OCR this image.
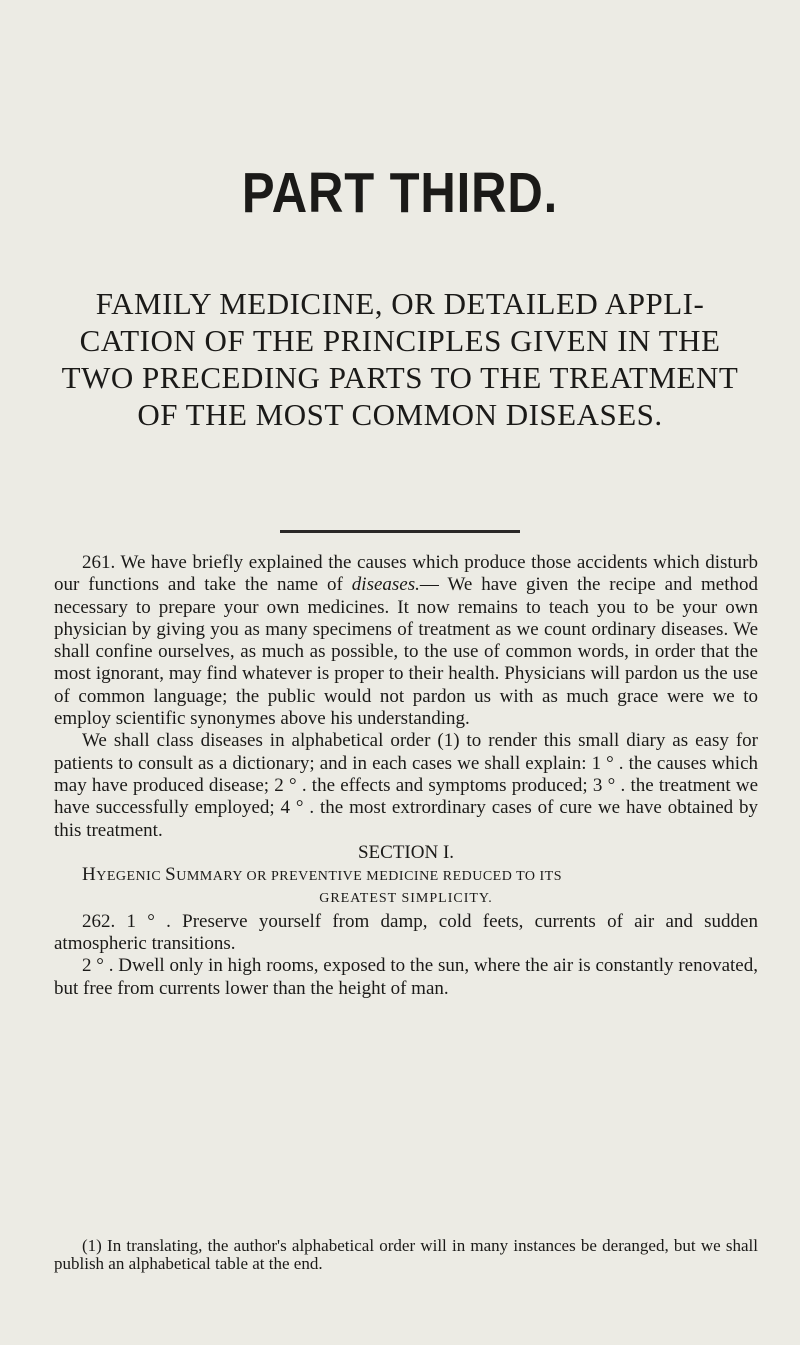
PART THIRD.

FAMILY MEDICINE, OR DETAILED APPLI-CATION OF THE PRINCIPLES GIVEN IN THE TWO PRECEDING PARTS TO THE TREATMENT OF THE MOST COMMON DISEASES.

261. We have briefly explained the causes which produce those accidents which disturb our functions and take the name of diseases.— We have given the recipe and method necessary to prepare your own medicines. It now remains to teach you to be your own physician by giving you as many specimens of treatment as we count ordinary diseases. We shall confine ourselves, as much as possible, to the use of common words, in order that the most ignorant, may find whatever is proper to their health. Physicians will pardon us the use of common language; the public would not pardon us with as much grace were we to employ scientific synonymes above his understanding.

We shall class diseases in alphabetical order (1) to render this small diary as easy for patients to consult as a dictionary; and in each cases we shall explain: 1 ° . the causes which may have produced disease; 2 ° . the effects and symptoms produced; 3 ° . the treatment we have successfully employed; 4 ° . the most extrordinary cases of cure we have obtained by this treatment.

SECTION I.

HYEGENIC SUMMARY OR PREVENTIVE MEDICINE REDUCED TO ITS

GREATEST SIMPLICITY.

262. 1 ° . Preserve yourself from damp, cold feets, currents of air and sudden atmospheric transitions.

2 ° . Dwell only in high rooms, exposed to the sun, where the air is constantly renovated, but free from currents lower than the height of man.

(1) In translating, the author's alphabetical order will in many instances be deranged, but we shall publish an alphabetical table at the end.
